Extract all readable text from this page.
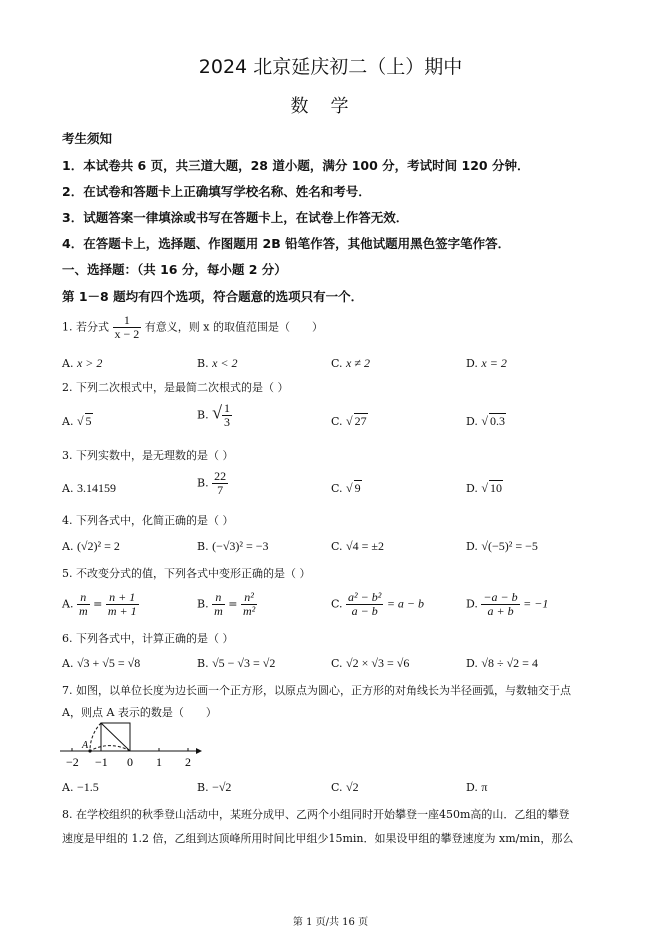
2024 北京延庆初二（上）期中
数学
考生须知
1．本试卷共 6 页，共三道大题，28 道小题，满分 100 分，考试时间 120 分钟．
2．在试卷和答题卡上正确填写学校名称、姓名和考号．
3．试题答案一律填涂或书写在答题卡上，在试卷上作答无效．
4．在答题卡上，选择题、作图题用 2B 铅笔作答，其他试题用黑色签字笔作答．
一、选择题：（共 16 分，每小题 2 分）
第 1－8 题均有四个选项，符合题意的选项只有一个．
1. 若分式 $\frac{1}{x - 2}$ 有意义，则 x 的取值范围是（　　）
A. x > 2	B. x < 2	C. x ≠ 2	D. x = 2
2. 下列二次根式中，是最简二次根式的是（ ）
A. √ 5	B. √ $\frac{1}{3}$	C. √ 27	D. √ 0.3
3. 下列实数中，是无理数的是（ ）
A. 3.14159	B. $\frac{22}{7}$	C. √ 9	D. √ 10
4. 下列各式中，化简正确的是（ ）
A. (√2)² = 2	B. (−√3)² = −3	C. √4 = ±2	D. √(−5)² = −5
5. 不改变分式的值，下列各式中变形正确的是（ ）
A. $\frac{n}{m} = \frac{n + 1}{m + 1}$	B. $\frac{n}{m} = \frac{\text{n²}}{\text{m²}}$	C. $\frac{\text{a² − b²}}{a - b} = a - b$	D. $\frac{-a - b}{a + b} = -1$
6. 下列各式中，计算正确的是（ ）
A. √3 + √5 = √8	B. √5 − √3 = √2	C. √2 × √3 = √6	D. √8 ÷ √2 = 4
7. 如图，以单位长度为边长画一个正方形，以原点为圆心，正方形的对角线长为半径画弧，与数轴交于点
A，则点 A 表示的数是（　　）
A
−2 −1 0 1 2
A. −1.5	B. −√2	C. √2	D. π
8. 在学校组织的秋季登山活动中，某班分成甲、乙两个小组同时开始攀登一座450m高的山．乙组的攀登
速度是甲组的 1.2 倍，乙组到达顶峰所用时间比甲组少15min．如果设甲组的攀登速度为 xm/min，那么
第 1 页/共 16 页
